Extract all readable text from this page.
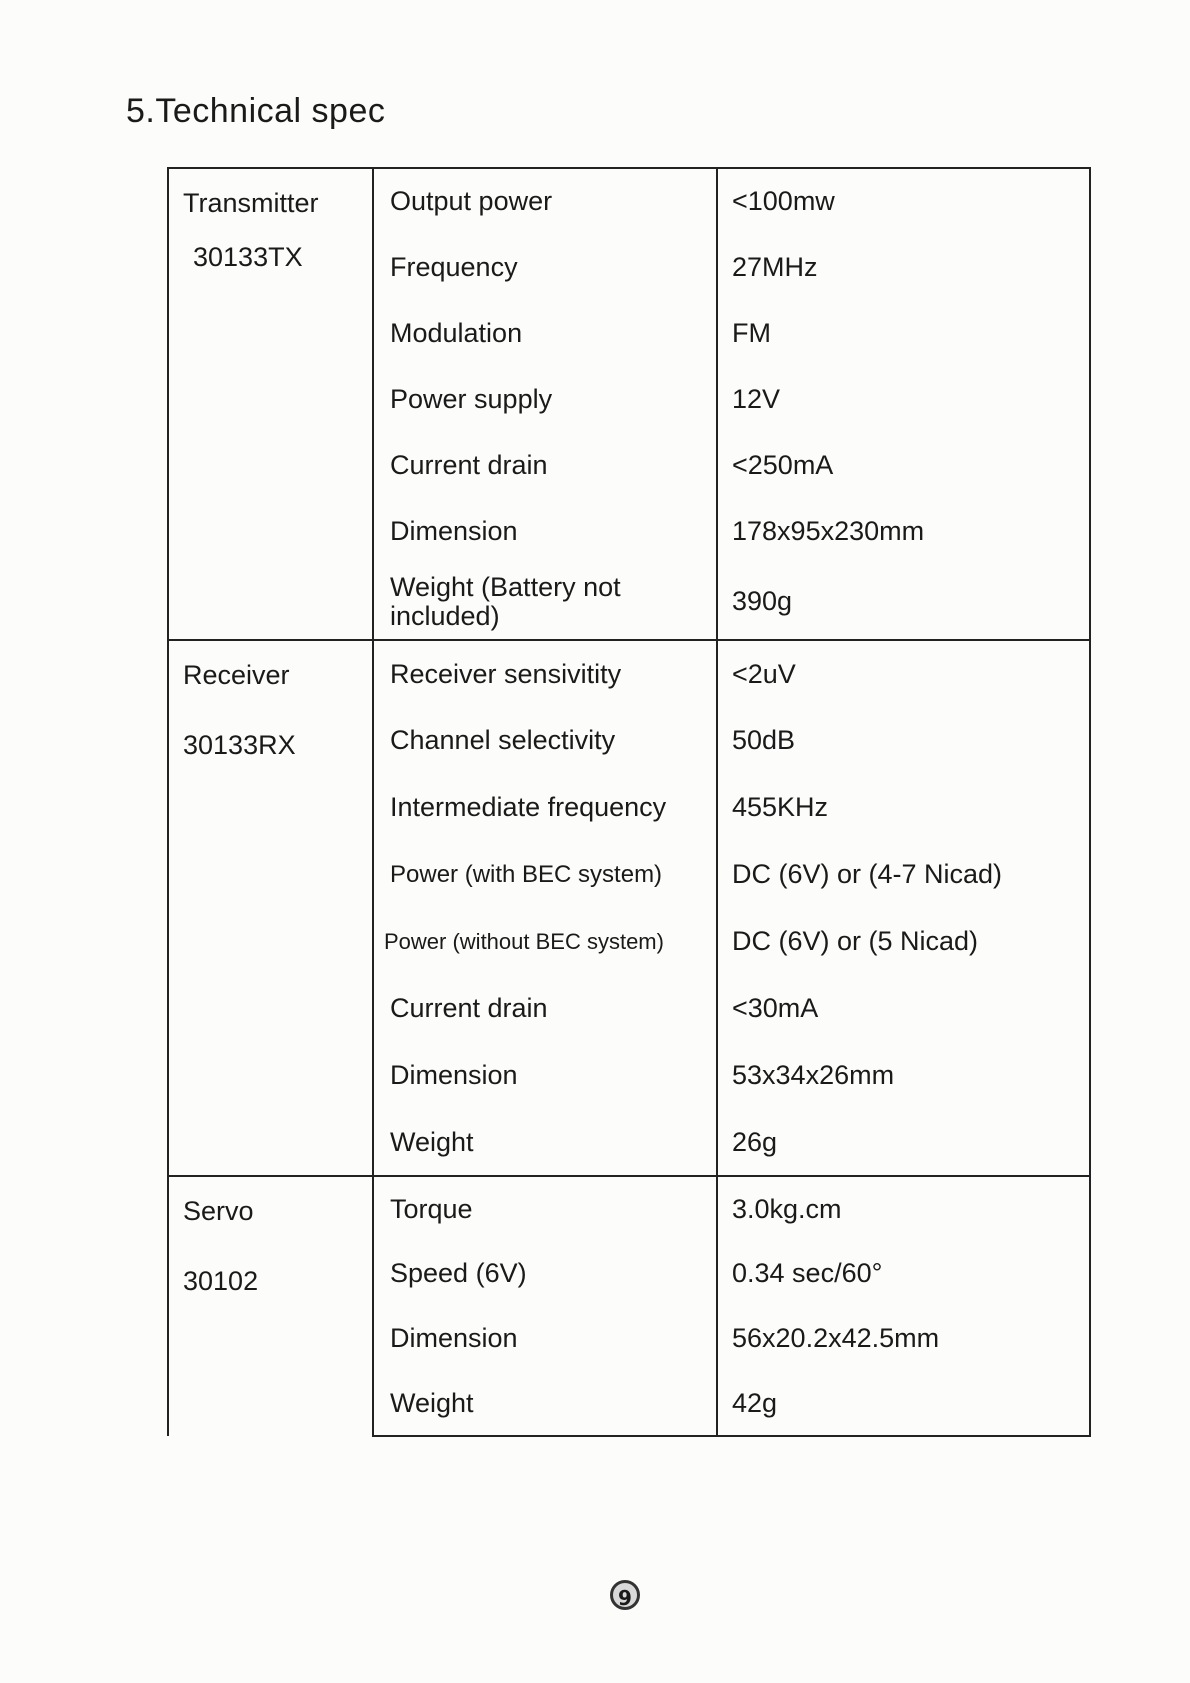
5.Technical spec
Transmitter
30133TX	Output power	<100mw
	Frequency	27MHz
	Modulation	FM
	Power supply	12V
	Current drain	<250mA
	Dimension	178x95x230mm
	Weight (Battery not included)	390g

Receiver
30133RX	Receiver sensivitity	<2uV
	Channel selectivity	50dB
	Intermediate frequency	455KHz
	Power (with BEC system)	DC (6V) or (4-7 Nicad)
	Power (without BEC system)	DC (6V) or (5 Nicad)
	Current drain	<30mA
	Dimension	53x34x26mm
	Weight	26g

Servo
30102	Torque	3.0kg.cm
	Speed (6V)	0.34 sec/60°
	Dimension	56x20.2x42.5mm
	Weight	42g
9
